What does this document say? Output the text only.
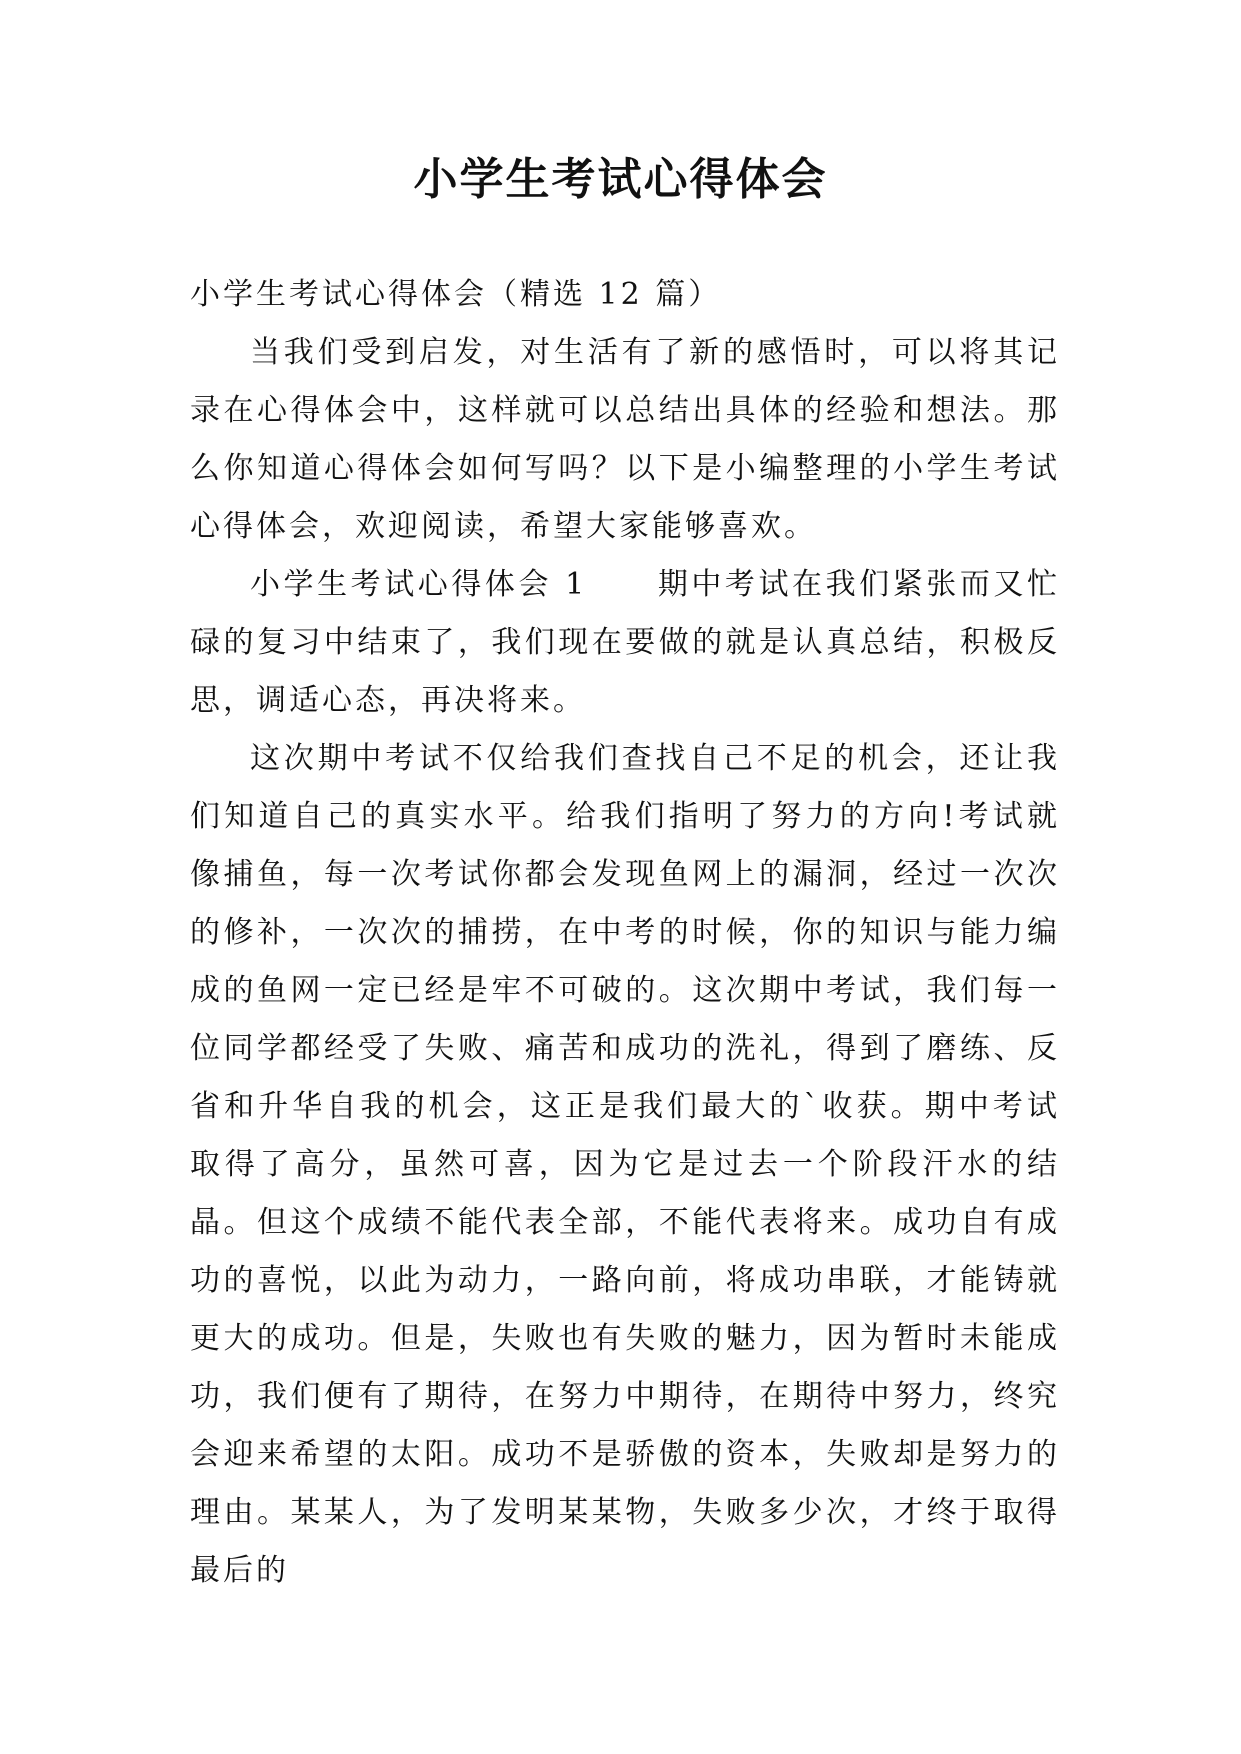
小学生考试心得体会

小学生考试心得体会（精选 12 篇）

当我们受到启发，对生活有了新的感悟时，可以将其记录在心得体会中，这样就可以总结出具体的经验和想法。那么你知道心得体会如何写吗？以下是小编整理的小学生考试心得体会，欢迎阅读，希望大家能够喜欢。

小学生考试心得体会 1 期中考试在我们紧张而又忙碌的复习中结束了，我们现在要做的就是认真总结，积极反思，调适心态，再决将来。

这次期中考试不仅给我们查找自己不足的机会，还让我们知道自己的真实水平。给我们指明了努力的方向!考试就像捕鱼，每一次考试你都会发现鱼网上的漏洞，经过一次次的修补，一次次的捕捞，在中考的时候，你的知识与能力编成的鱼网一定已经是牢不可破的。这次期中考试，我们每一位同学都经受了失败、痛苦和成功的洗礼，得到了磨练、反省和升华自我的机会，这正是我们最大的`收获。期中考试取得了高分，虽然可喜，因为它是过去一个阶段汗水的结晶。但这个成绩不能代表全部，不能代表将来。成功自有成功的喜悦，以此为动力，一路向前，将成功串联，才能铸就更大的成功。但是，失败也有失败的魅力，因为暂时未能成功，我们便有了期待，在努力中期待，在期待中努力，终究会迎来希望的太阳。成功不是骄傲的资本，失败却是努力的理由。某某人，为了发明某某物，失败多少次，才终于取得最后的
